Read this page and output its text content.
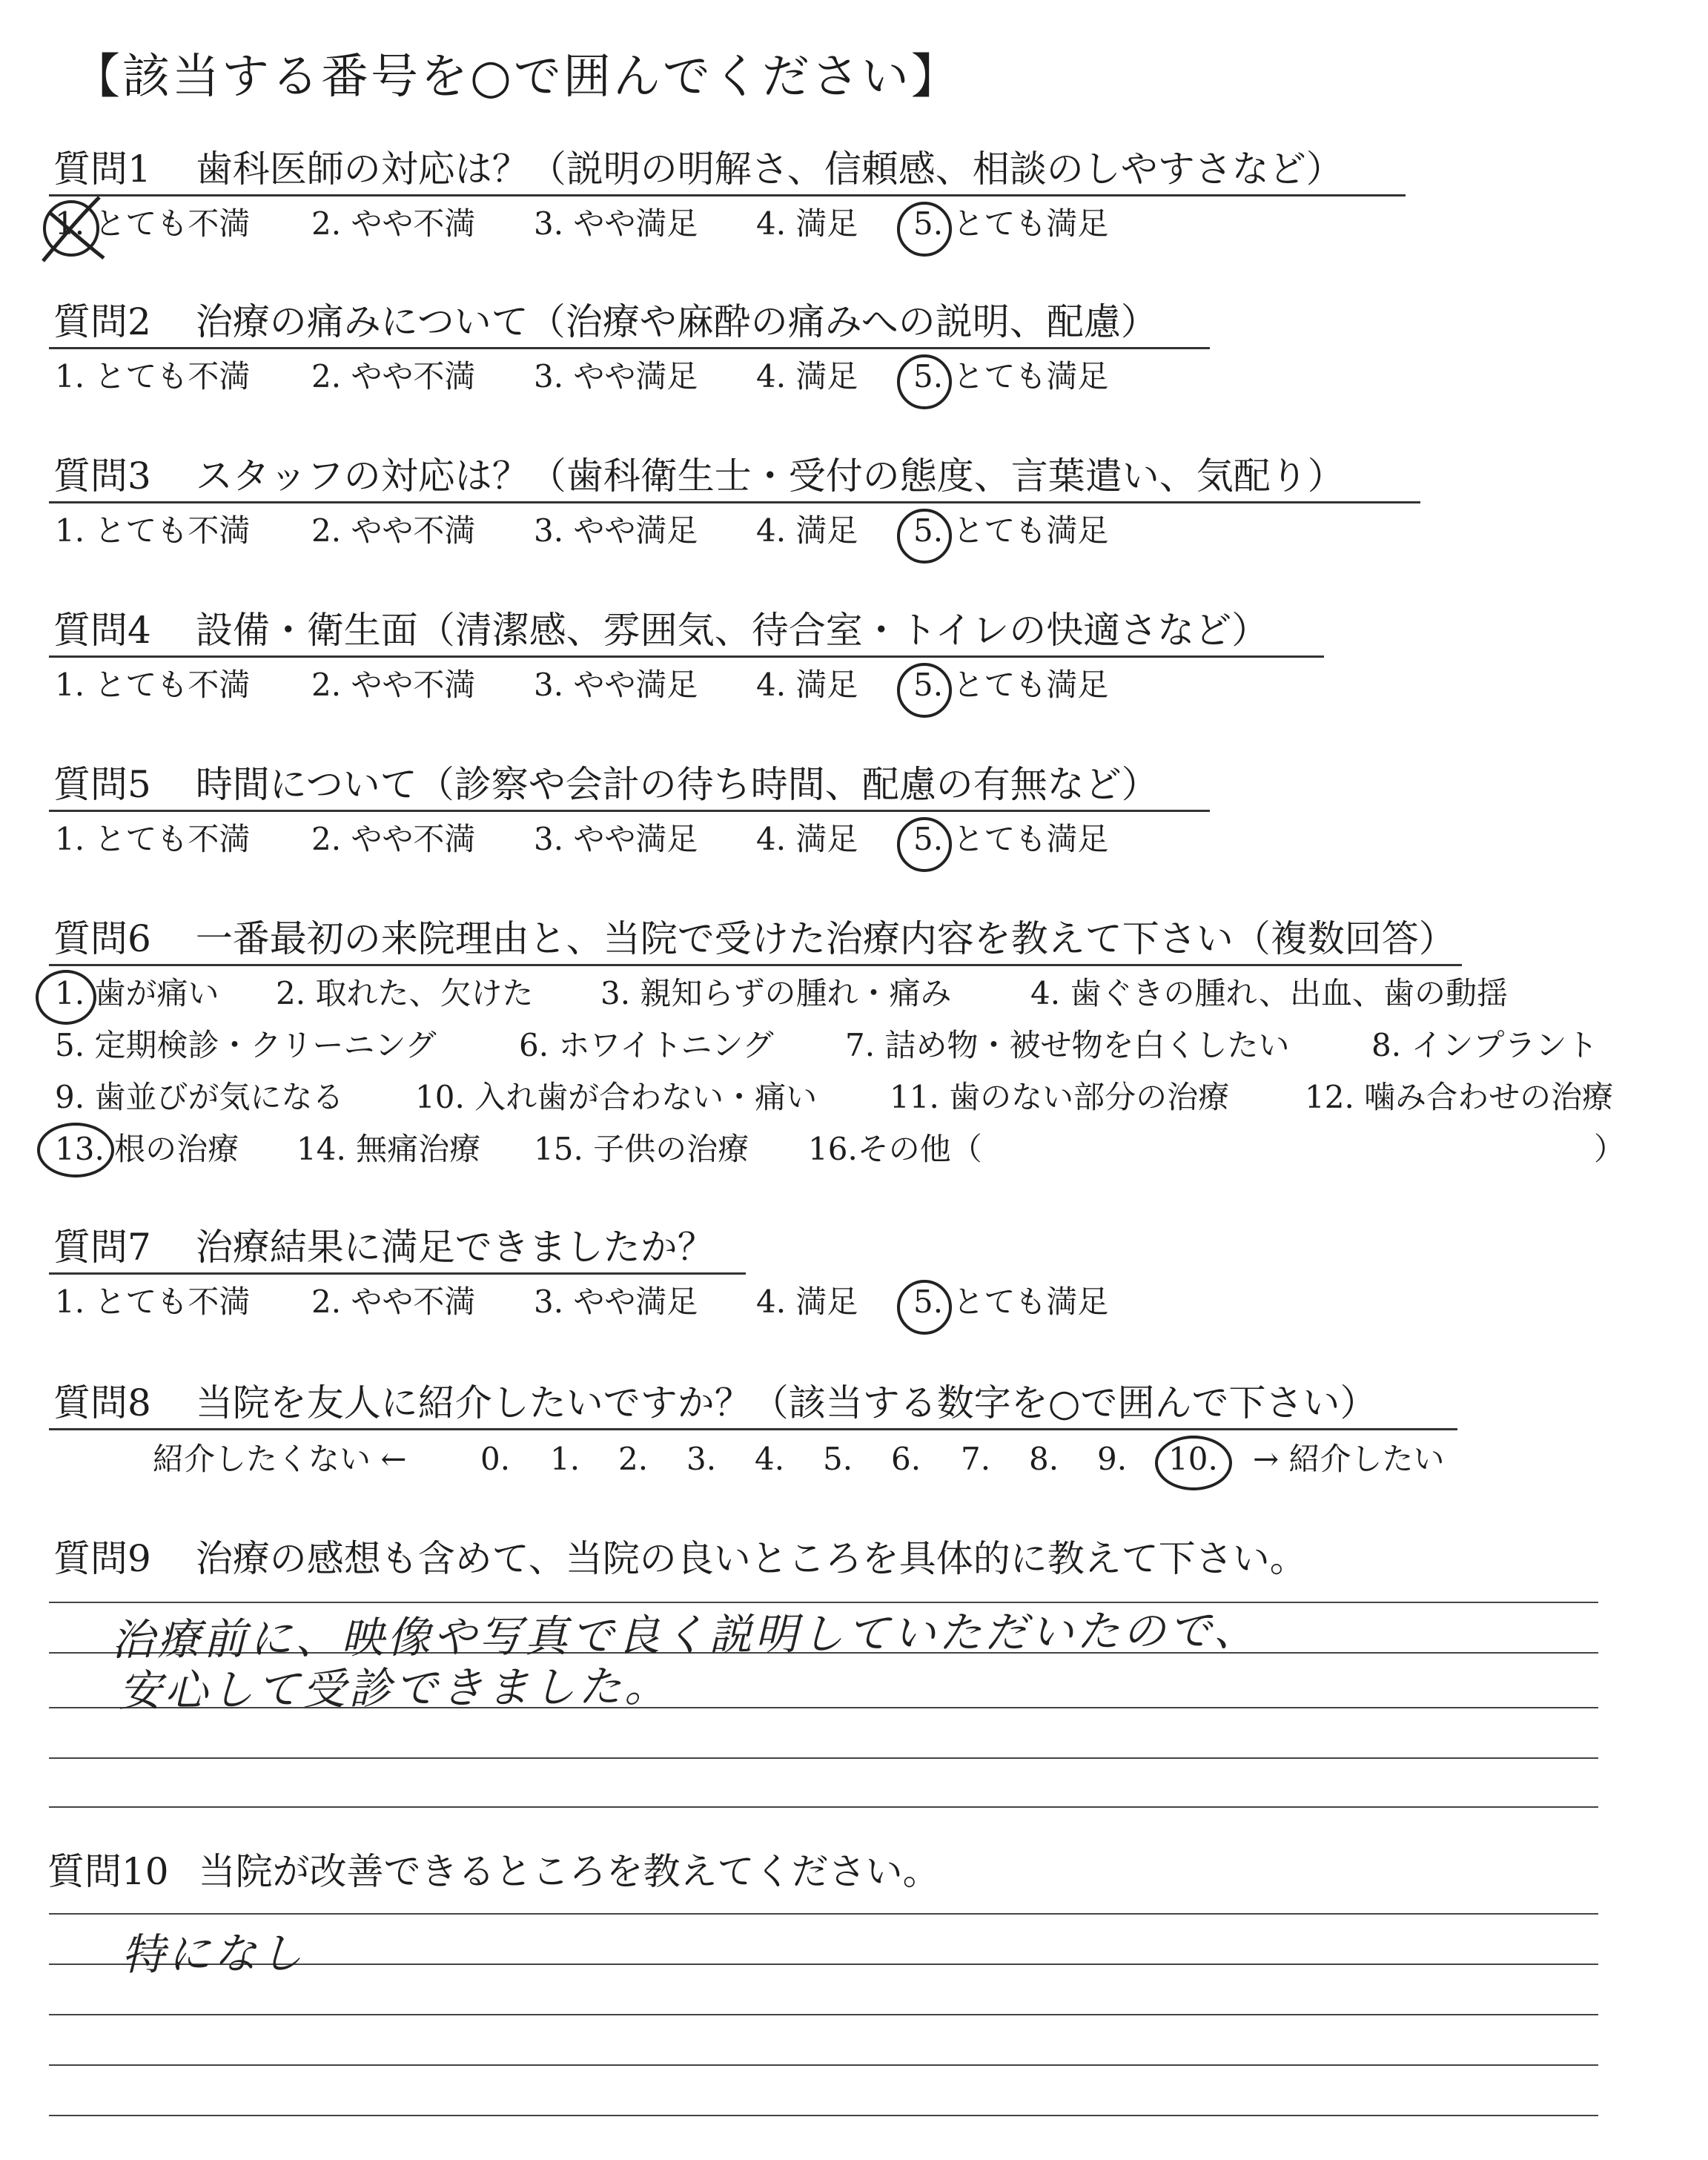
【該当する番号を○で囲んでください】
質問1 歯科医師の対応は？（説明の明解さ、信頼感、相談のしやすさなど）
1. とても不満 2. やや不満 3. やや満足 4. 満足 5. とても満足
質問2 治療の痛みについて（治療や麻酔の痛みへの説明、配慮）
1. とても不満 2. やや不満 3. やや満足 4. 満足 5. とても満足
質問3 スタッフの対応は？（歯科衛生士・受付の態度、言葉遣い、気配り）
1. とても不満 2. やや不満 3. やや満足 4. 満足 5. とても満足
質問4 設備・衛生面（清潔感、雰囲気、待合室・トイレの快適さなど）
1. とても不満 2. やや不満 3. やや満足 4. 満足 5. とても満足
質問5 時間について（診察や会計の待ち時間、配慮の有無など）
1. とても不満 2. やや不満 3. やや満足 4. 満足 5. とても満足
質問6 一番最初の来院理由と、当院で受けた治療内容を教えて下さい（複数回答）
1. 歯が痛い 2. 取れた、欠けた 3. 親知らずの腫れ・痛み	4. 歯ぐきの腫れ、出血、歯の動揺
5. 定期検診・クリーニング	6. ホワイトニング 7. 詰め物・被せ物を白くしたい	8. インプラント
9. 歯並びが気になる 10. 入れ歯が合わない・痛い 11. 歯のない部分の治療 12. 噛み合わせの治療
13. 根の治療 14. 無痛治療 15. 子供の治療 16.その他（	）
質問7 治療結果に満足できましたか？
1. とても不満 2. やや不満 3. やや満足 4. 満足 5. とても満足
質問8 当院を友人に紹介したいですか？（該当する数字を○で囲んで下さい）
紹介したくない ← 0. 1. 2. 3. 4. 5. 6. 7. 8. 9. 10. → 紹介したい
質問9 治療の感想も含めて、当院の良いところを具体的に教えて下さい。
治療前に、映像や写真で良く説明していただいたので、
安心して受診できました。
質問10 当院が改善できるところを教えてください。
特になし
